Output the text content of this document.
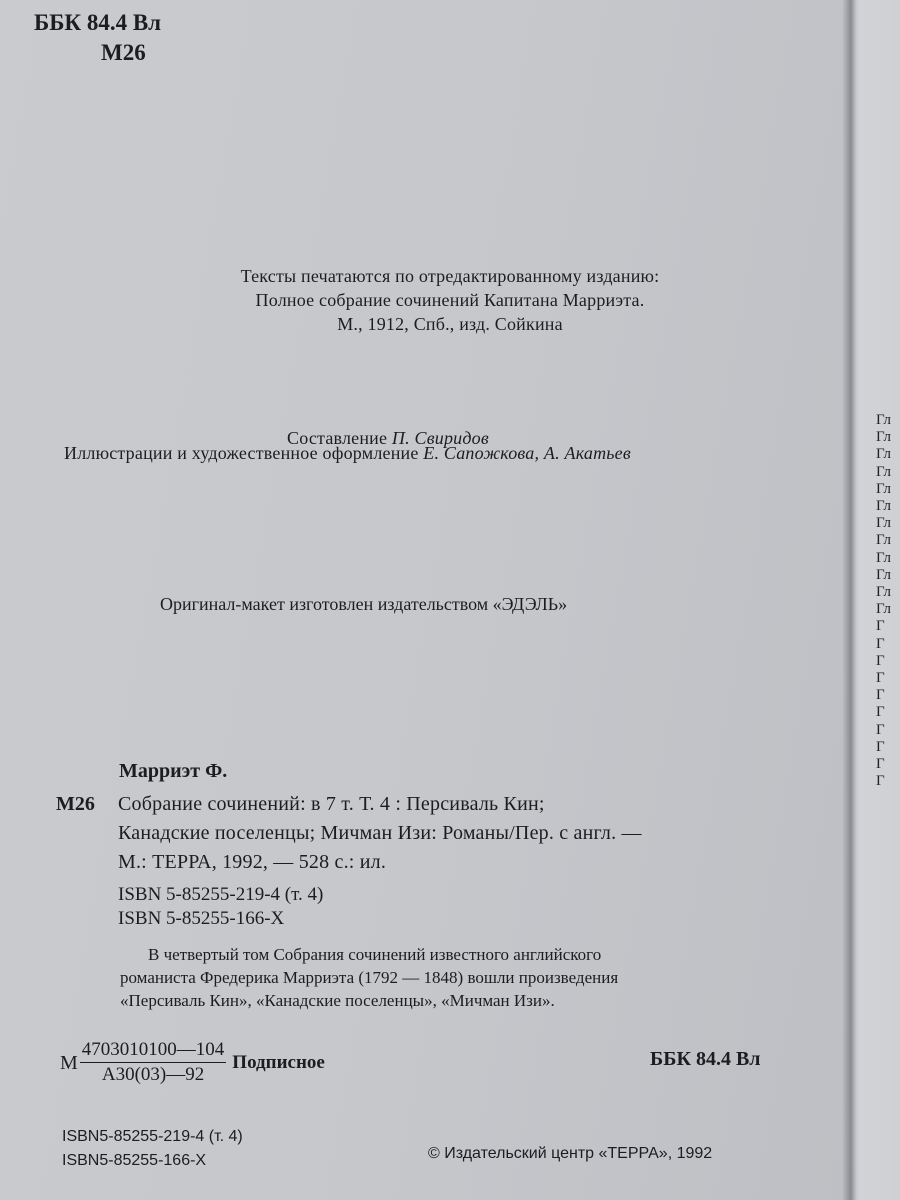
ББК 84.4 Вл
М26
Тексты печатаются по отредактированному изданию:
Полное собрание сочинений Капитана Марриэта.
М., 1912, Спб., изд. Сойкина
Составление П. Свиридов
Иллюстрации и художественное оформление Е. Сапожкова, А. Акатьев
Оригинал-макет изготовлен издательством «ЭДЭЛЬ»
Марриэт Ф.
М26 Собрание сочинений: в 7 т. Т. 4 : Персиваль Кин;
Канадские поселенцы; Мичман Изи: Романы/Пер. с англ. —
М.: ТЕРРА, 1992, — 528 с.: ил.
ISBN 5-85255-219-4 (т. 4)
ISBN 5-85255-166-X
В четвертый том Собрания сочинений известного английского
романиста Фредерика Марриэта (1792 — 1848) вошли произведения
«Персиваль Кин», «Канадские поселенцы», «Мичман Изи».
М $\frac{4703010100—104}{А30(03)—92}$ Подписное	ББК 84.4 Вл
ISBN5-85255-219-4 (т. 4)
ISBN5-85255-166-X	© Издательский центр «ТЕРРА», 1992
Гл
Гл
Гл
Гл
Гл
Гл
Гл
Гл
Гл
Гл
Гл
Гл
Г
Г
Г
Г
Г
Г
Г
Г
Г
Г
